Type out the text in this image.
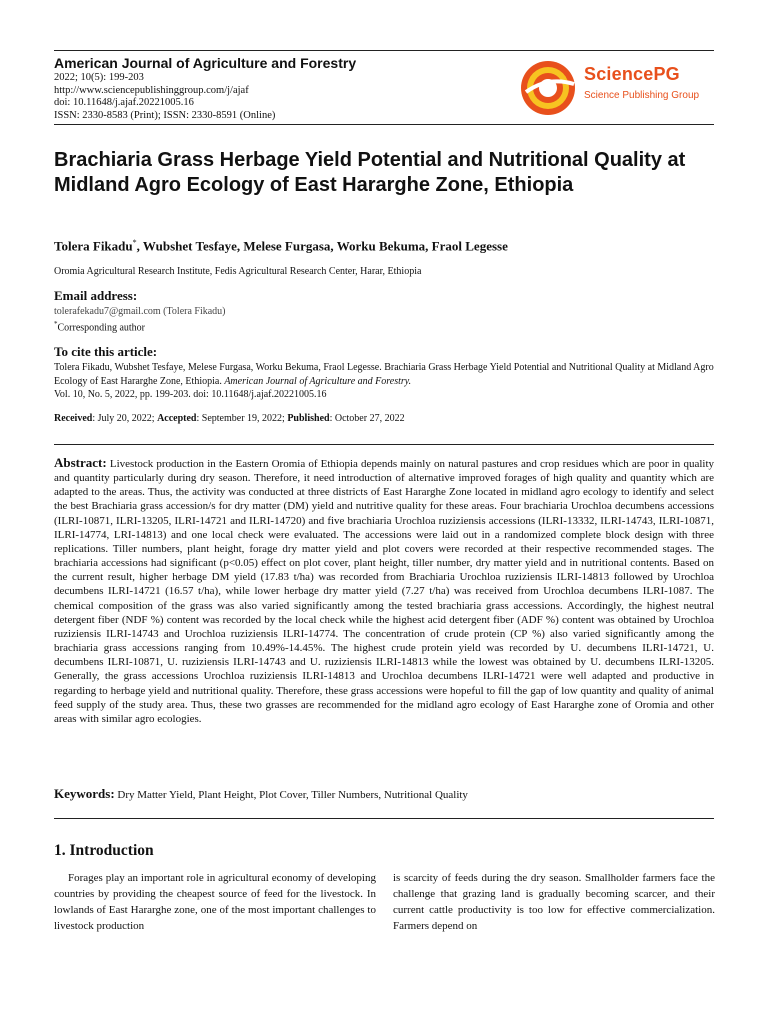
American Journal of Agriculture and Forestry
2022; 10(5): 199-203
http://www.sciencepublishinggroup.com/j/ajaf
doi: 10.11648/j.ajaf.20221005.16
ISSN: 2330-8583 (Print); ISSN: 2330-8591 (Online)
SciencePG
Science Publishing Group
Brachiaria Grass Herbage Yield Potential and Nutritional Quality at Midland Agro Ecology of East Hararghe Zone, Ethiopia
Tolera Fikadu*, Wubshet Tesfaye, Melese Furgasa, Worku Bekuma, Fraol Legesse
Oromia Agricultural Research Institute, Fedis Agricultural Research Center, Harar, Ethiopia
Email address:
tolerafekadu7@gmail.com (Tolera Fikadu)
*Corresponding author
To cite this article:
Tolera Fikadu, Wubshet Tesfaye, Melese Furgasa, Worku Bekuma, Fraol Legesse. Brachiaria Grass Herbage Yield Potential and Nutritional Quality at Midland Agro Ecology of East Hararghe Zone, Ethiopia. American Journal of Agriculture and Forestry.
Vol. 10, No. 5, 2022, pp. 199-203. doi: 10.11648/j.ajaf.20221005.16
Received: July 20, 2022; Accepted: September 19, 2022; Published: October 27, 2022
Abstract: Livestock production in the Eastern Oromia of Ethiopia depends mainly on natural pastures and crop residues which are poor in quality and quantity particularly during dry season. Therefore, it need introduction of alternative improved forages of high quality and quantity which are adapted to the areas. Thus, the activity was conducted at three districts of East Hararghe Zone located in midland agro ecology to identify and select the best Brachiaria grass accession/s for dry matter (DM) yield and nutritive quality for these areas. Four brachiaria Urochloa decumbens accessions (ILRI-10871, ILRI-13205, ILRI-14721 and ILRI-14720) and five brachiaria Urochloa ruziziensis accessions (ILRI-13332, ILRI-14743, ILRI-10871, ILRI-14774, LRI-14813) and one local check were evaluated. The accessions were laid out in a randomized complete block design with three replications. Tiller numbers, plant height, forage dry matter yield and plot covers were recorded at their respective recommended stages. The brachiaria accessions had significant (p<0.05) effect on plot cover, plant height, tiller number, dry matter yield and in nutritional contents. Based on the current result, higher herbage DM yield (17.83 t/ha) was recorded from Brachiaria Urochloa ruziziensis ILRI-14813 followed by Urochloa decumbens ILRI-14721 (16.57 t/ha), while lower herbage dry matter yield (7.27 t/ha) was received from Urochloa decumbens ILRI-1087. The chemical composition of the grass was also varied significantly among the tested brachiaria grass accessions. Accordingly, the highest neutral detergent fiber (NDF %) content was recorded by the local check while the highest acid detergent fiber (ADF %) content was obtained by Urochloa ruziziensis ILRI-14743 and Urochloa ruziziensis ILRI-14774. The concentration of crude protein (CP %) also varied significantly among the brachiaria grass accessions ranging from 10.49%-14.45%. The highest crude protein yield was recorded by U. decumbens ILRI-14721, U. decumbens ILRI-10871, U. ruziziensis ILRI-14743 and U. ruziziensis ILRI-14813 while the lowest was obtained by U. decumbens ILRI-13205. Generally, the grass accessions Urochloa ruziziensis ILRI-14813 and Urochloa decumbens ILRI-14721 were well adapted and productive in regarding to herbage yield and nutritional quality. Therefore, these grass accessions were hopeful to fill the gap of low quantity and quality of animal feed supply of the study area. Thus, these two grasses are recommended for the midland agro ecology of East Hararghe zone of Oromia and other areas with similar agro ecologies.
Keywords: Dry Matter Yield, Plant Height, Plot Cover, Tiller Numbers, Nutritional Quality
1. Introduction
Forages play an important role in agricultural economy of developing countries by providing the cheapest source of feed for the livestock. In lowlands of East Hararghe zone, one of the most important challenges to livestock production
is scarcity of feeds during the dry season. Smallholder farmers face the challenge that grazing land is gradually becoming scarcer, and their current cattle productivity is too low for effective commercialization. Farmers depend on
